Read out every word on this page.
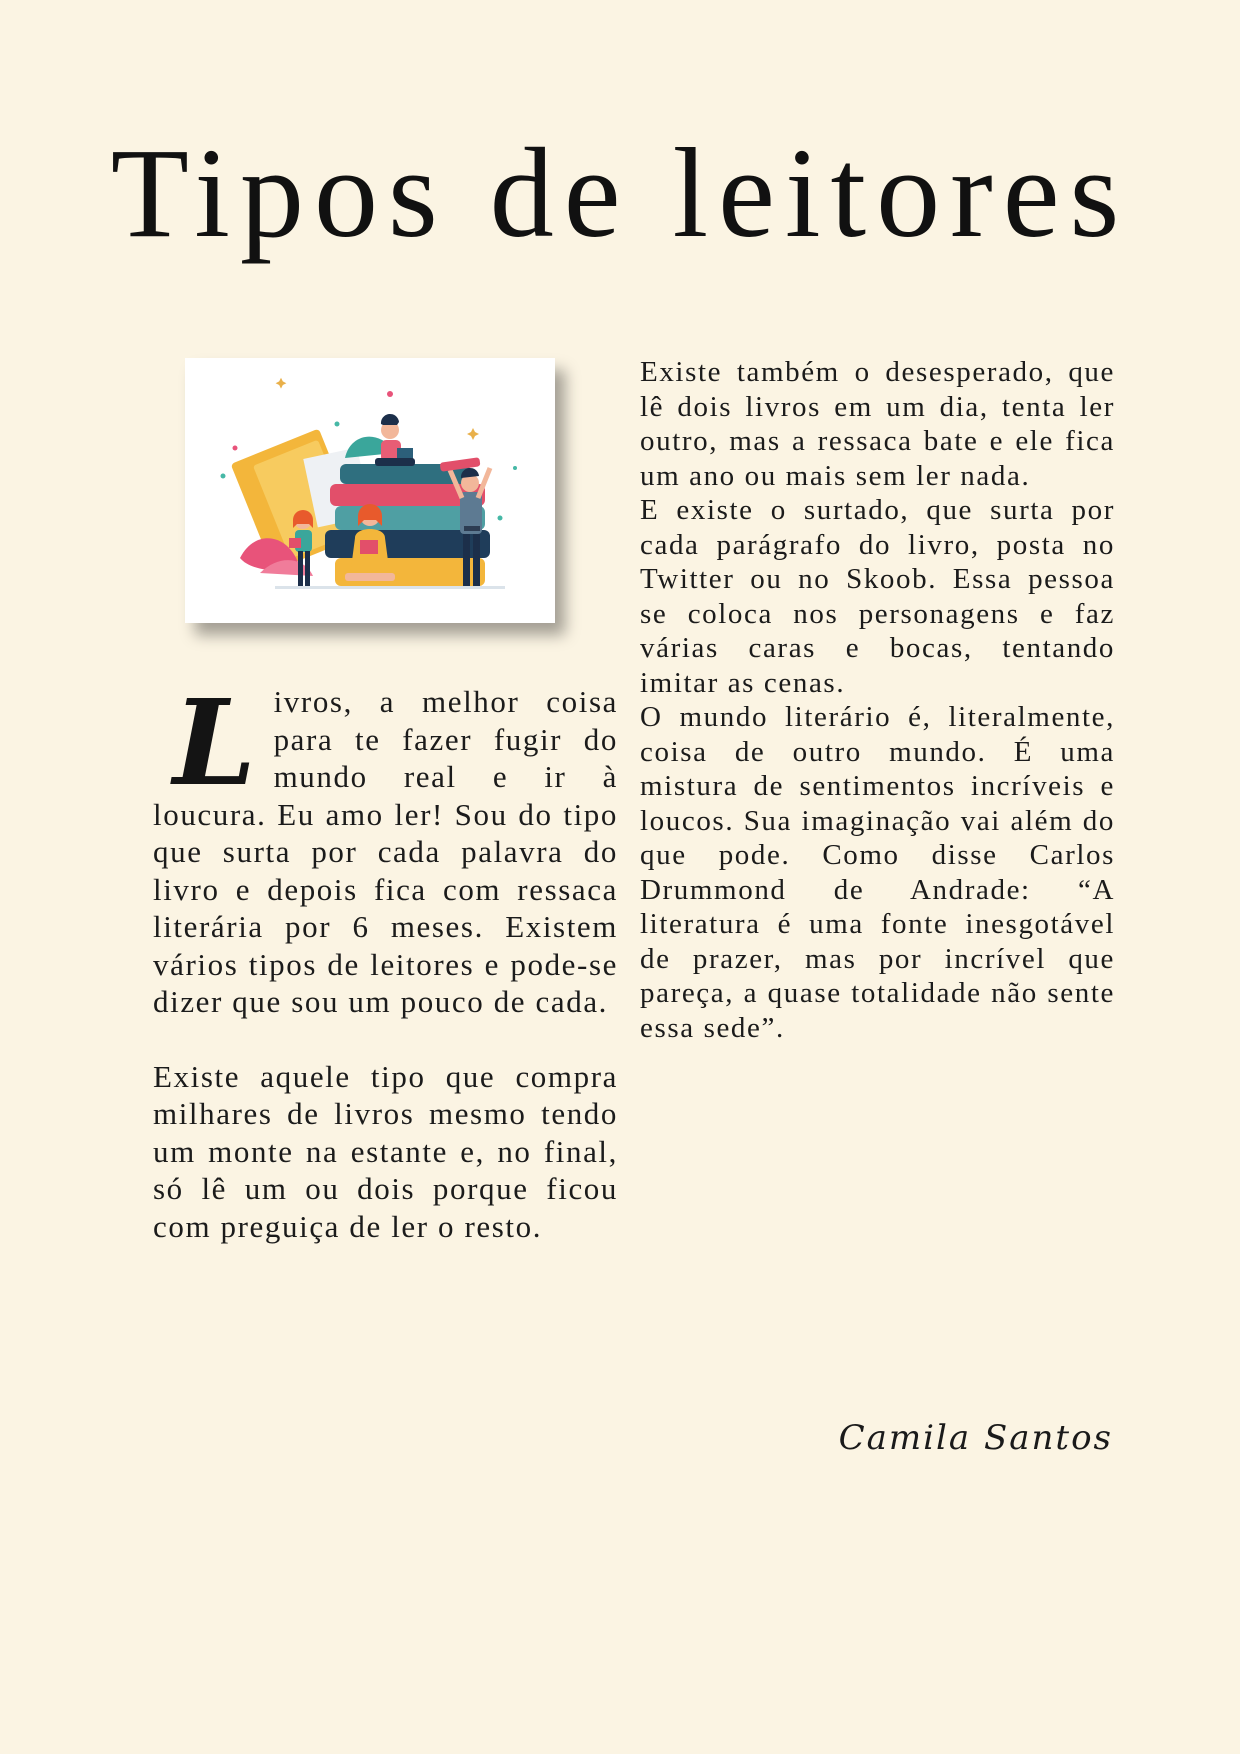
Tipos de leitores

Livros, a melhor coisa para te fazer fugir do mundo real e ir à loucura. Eu amo ler! Sou do tipo que surta por cada palavra do livro e depois fica com ressaca literária por 6 meses. Existem vários tipos de leitores e pode-se dizer que sou um pouco de cada.

Existe aquele tipo que compra milhares de livros mesmo tendo um monte na estante e, no final, só lê um ou dois porque ficou com preguiça de ler o resto.

Existe também o desesperado, que lê dois livros em um dia, tenta ler outro, mas a ressaca bate e ele fica um ano ou mais sem ler nada.

E existe o surtado, que surta por cada parágrafo do livro, posta no Twitter ou no Skoob. Essa pessoa se coloca nos personagens e faz várias caras e bocas, tentando imitar as cenas.

O mundo literário é, literalmente, coisa de outro mundo. É uma mistura de sentimentos incríveis e loucos. Sua imaginação vai além do que pode. Como disse Carlos Drummond de Andrade: “A literatura é uma fonte inesgotável de prazer, mas por incrível que pareça, a quase totalidade não sente essa sede”.

Camila Santos
